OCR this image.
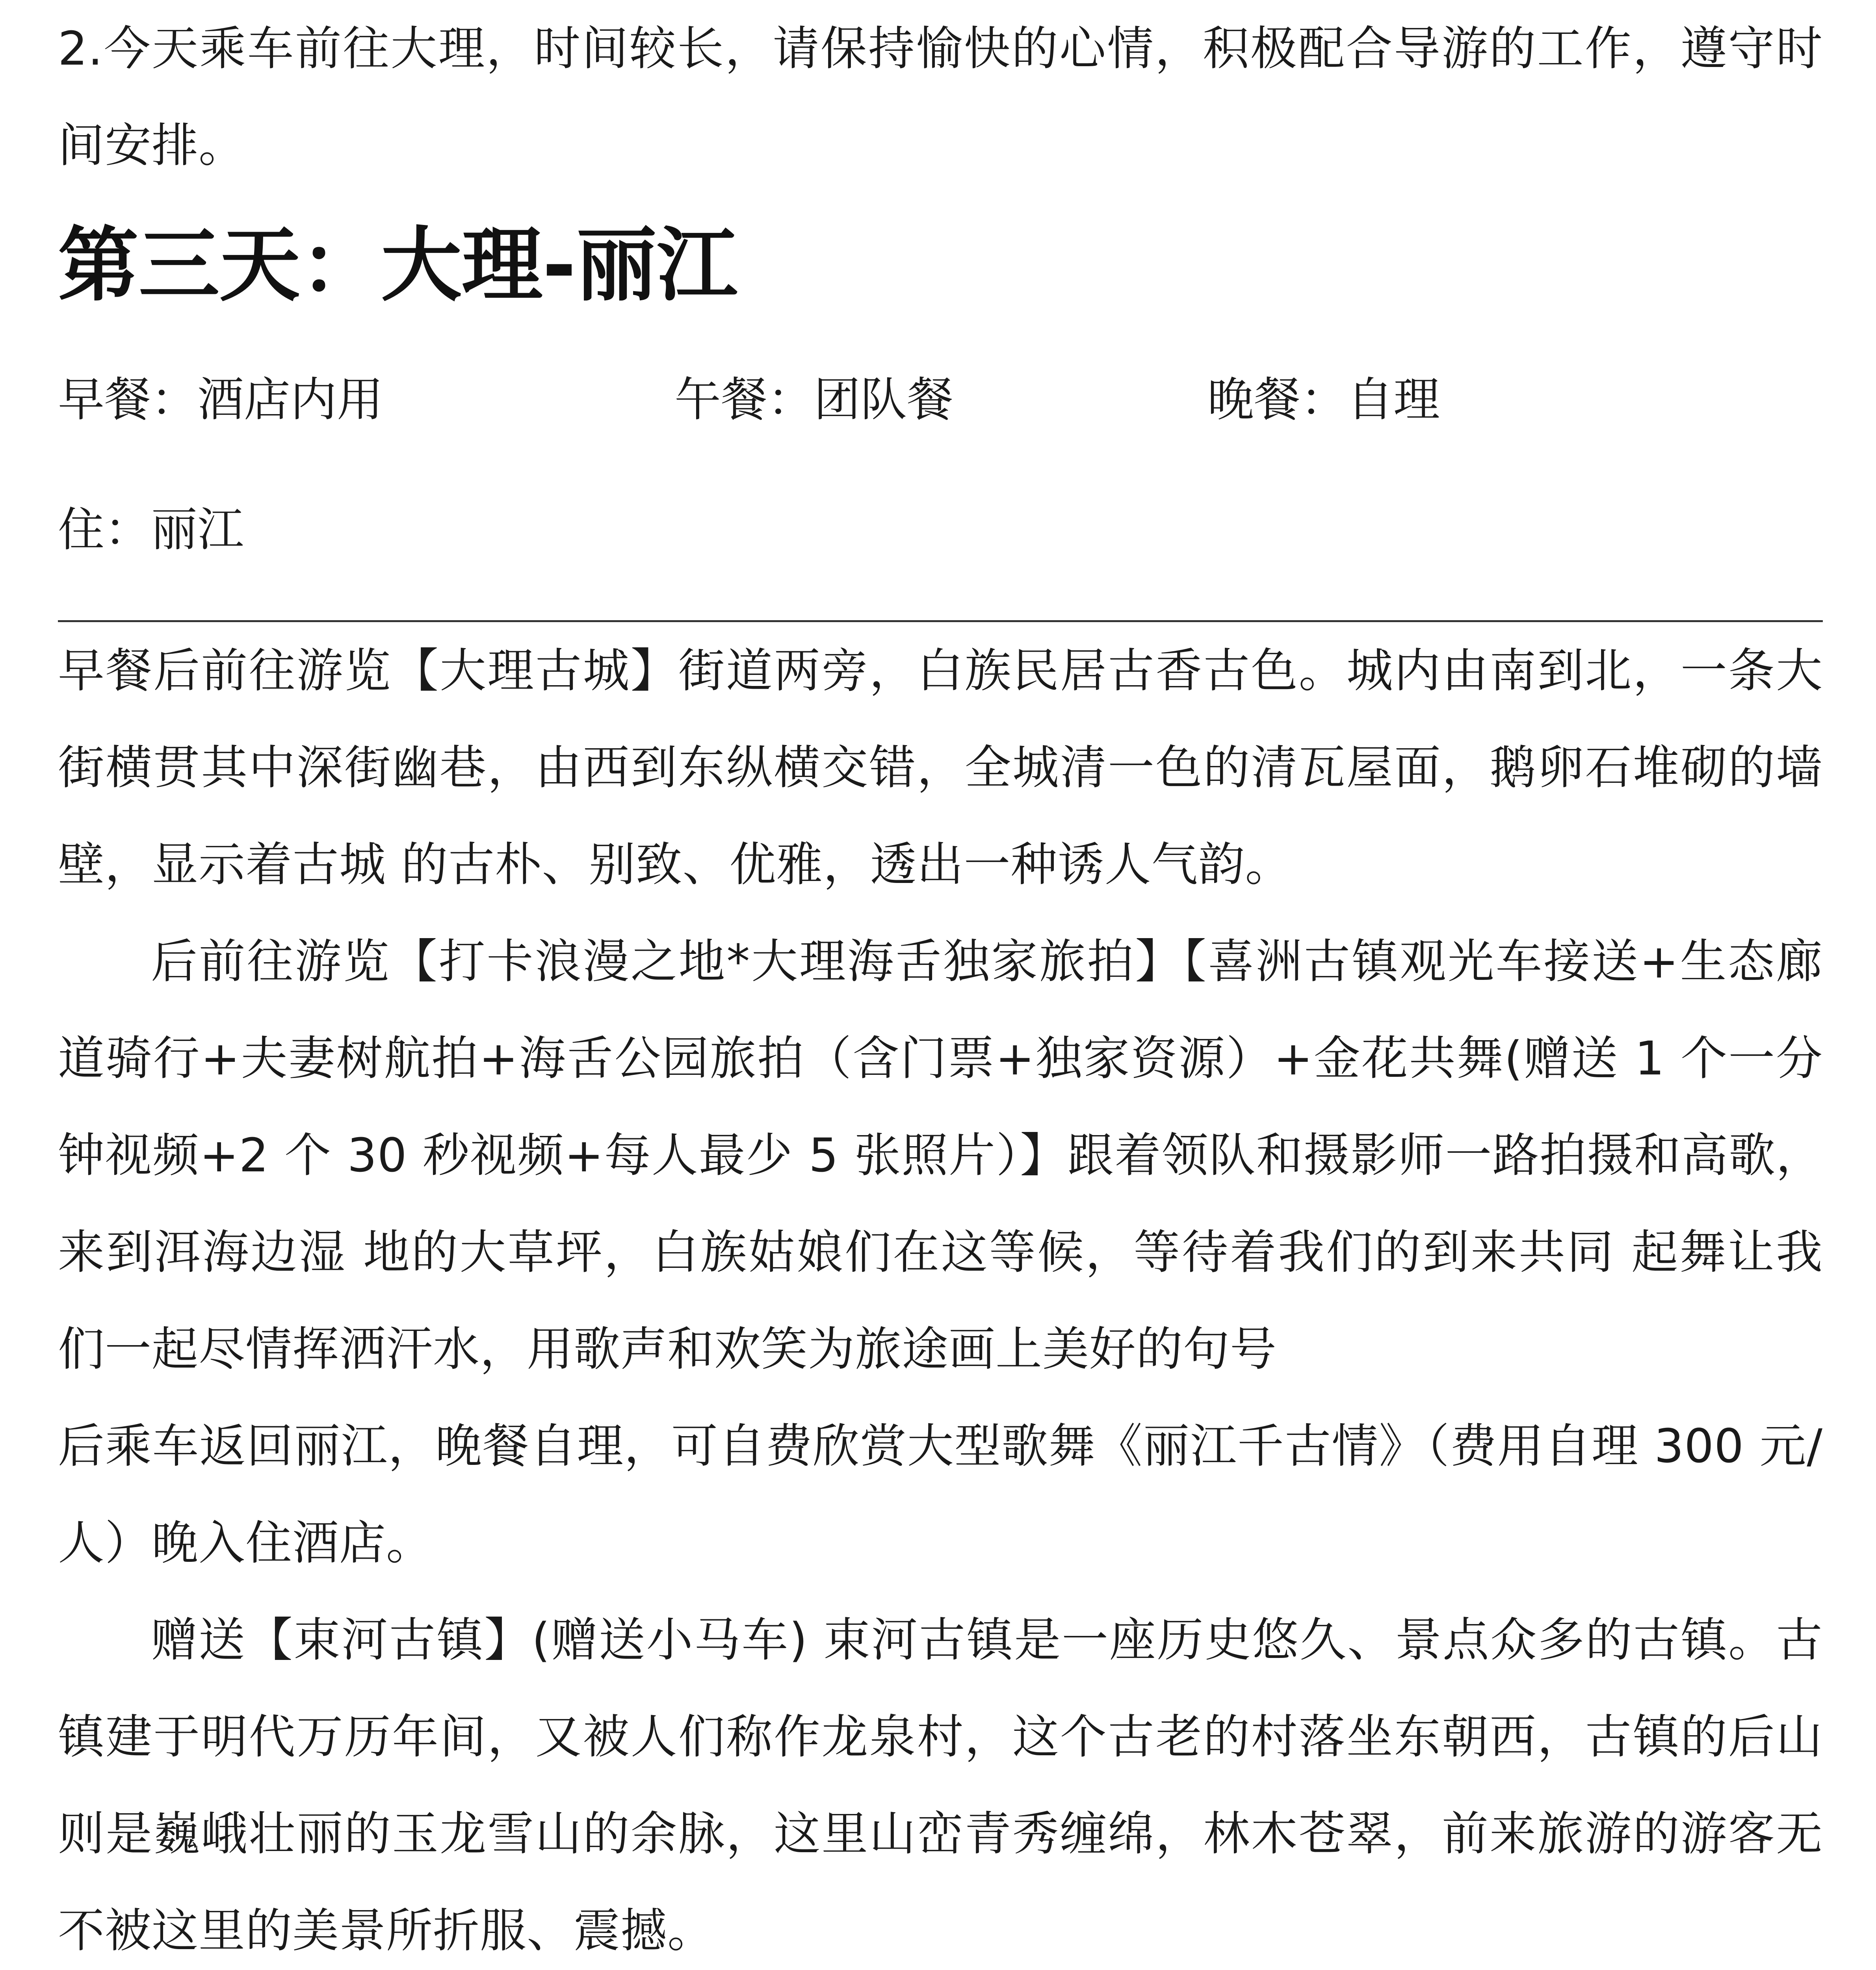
2.今天乘车前往大理，时间较长，请保持愉快的心情，积极配合导游的工作，遵守时间安排。

第三天：大理-丽江
早餐：酒店内用	午餐：团队餐	晚餐：自理

住：丽江

早餐后前往游览【大理古城】街道两旁，白族民居古香古色。城内由南到北，一条大街横贯其中深街幽巷，由西到东纵横交错，全城清一色的清瓦屋面，鹅卵石堆砌的墙壁，显示着古城 的古朴、别致、优雅，透出一种诱人气韵。

后前往游览【打卡浪漫之地*大理海舌独家旅拍】【喜洲古镇观光车接送+生态廊道骑行+夫妻树航拍+海舌公园旅拍（含门票+独家资源）+金花共舞(赠送 1 个一分钟视频+2 个 30 秒视频+每人最少 5 张照片）】跟着领队和摄影师一路拍摄和高歌，来到洱海边湿 地的大草坪，白族姑娘们在这等候，等待着我们的到来共同 起舞让我们一起尽情挥洒汗水，用歌声和欢笑为旅途画上美好的句号

后乘车返回丽江，晚餐自理，可自费欣赏大型歌舞《丽江千古情》（费用自理 300 元/人）晚入住酒店。

赠送【束河古镇】(赠送小马车) 束河古镇是一座历史悠久、景点众多的古镇。古镇建于明代万历年间，又被人们称作龙泉村，这个古老的村落坐东朝西，古镇的后山则是巍峨壮丽的玉龙雪山的余脉，这里山峦青秀缠绵，林木苍翠，前来旅游的游客无不被这里的美景所折服、震撼。
